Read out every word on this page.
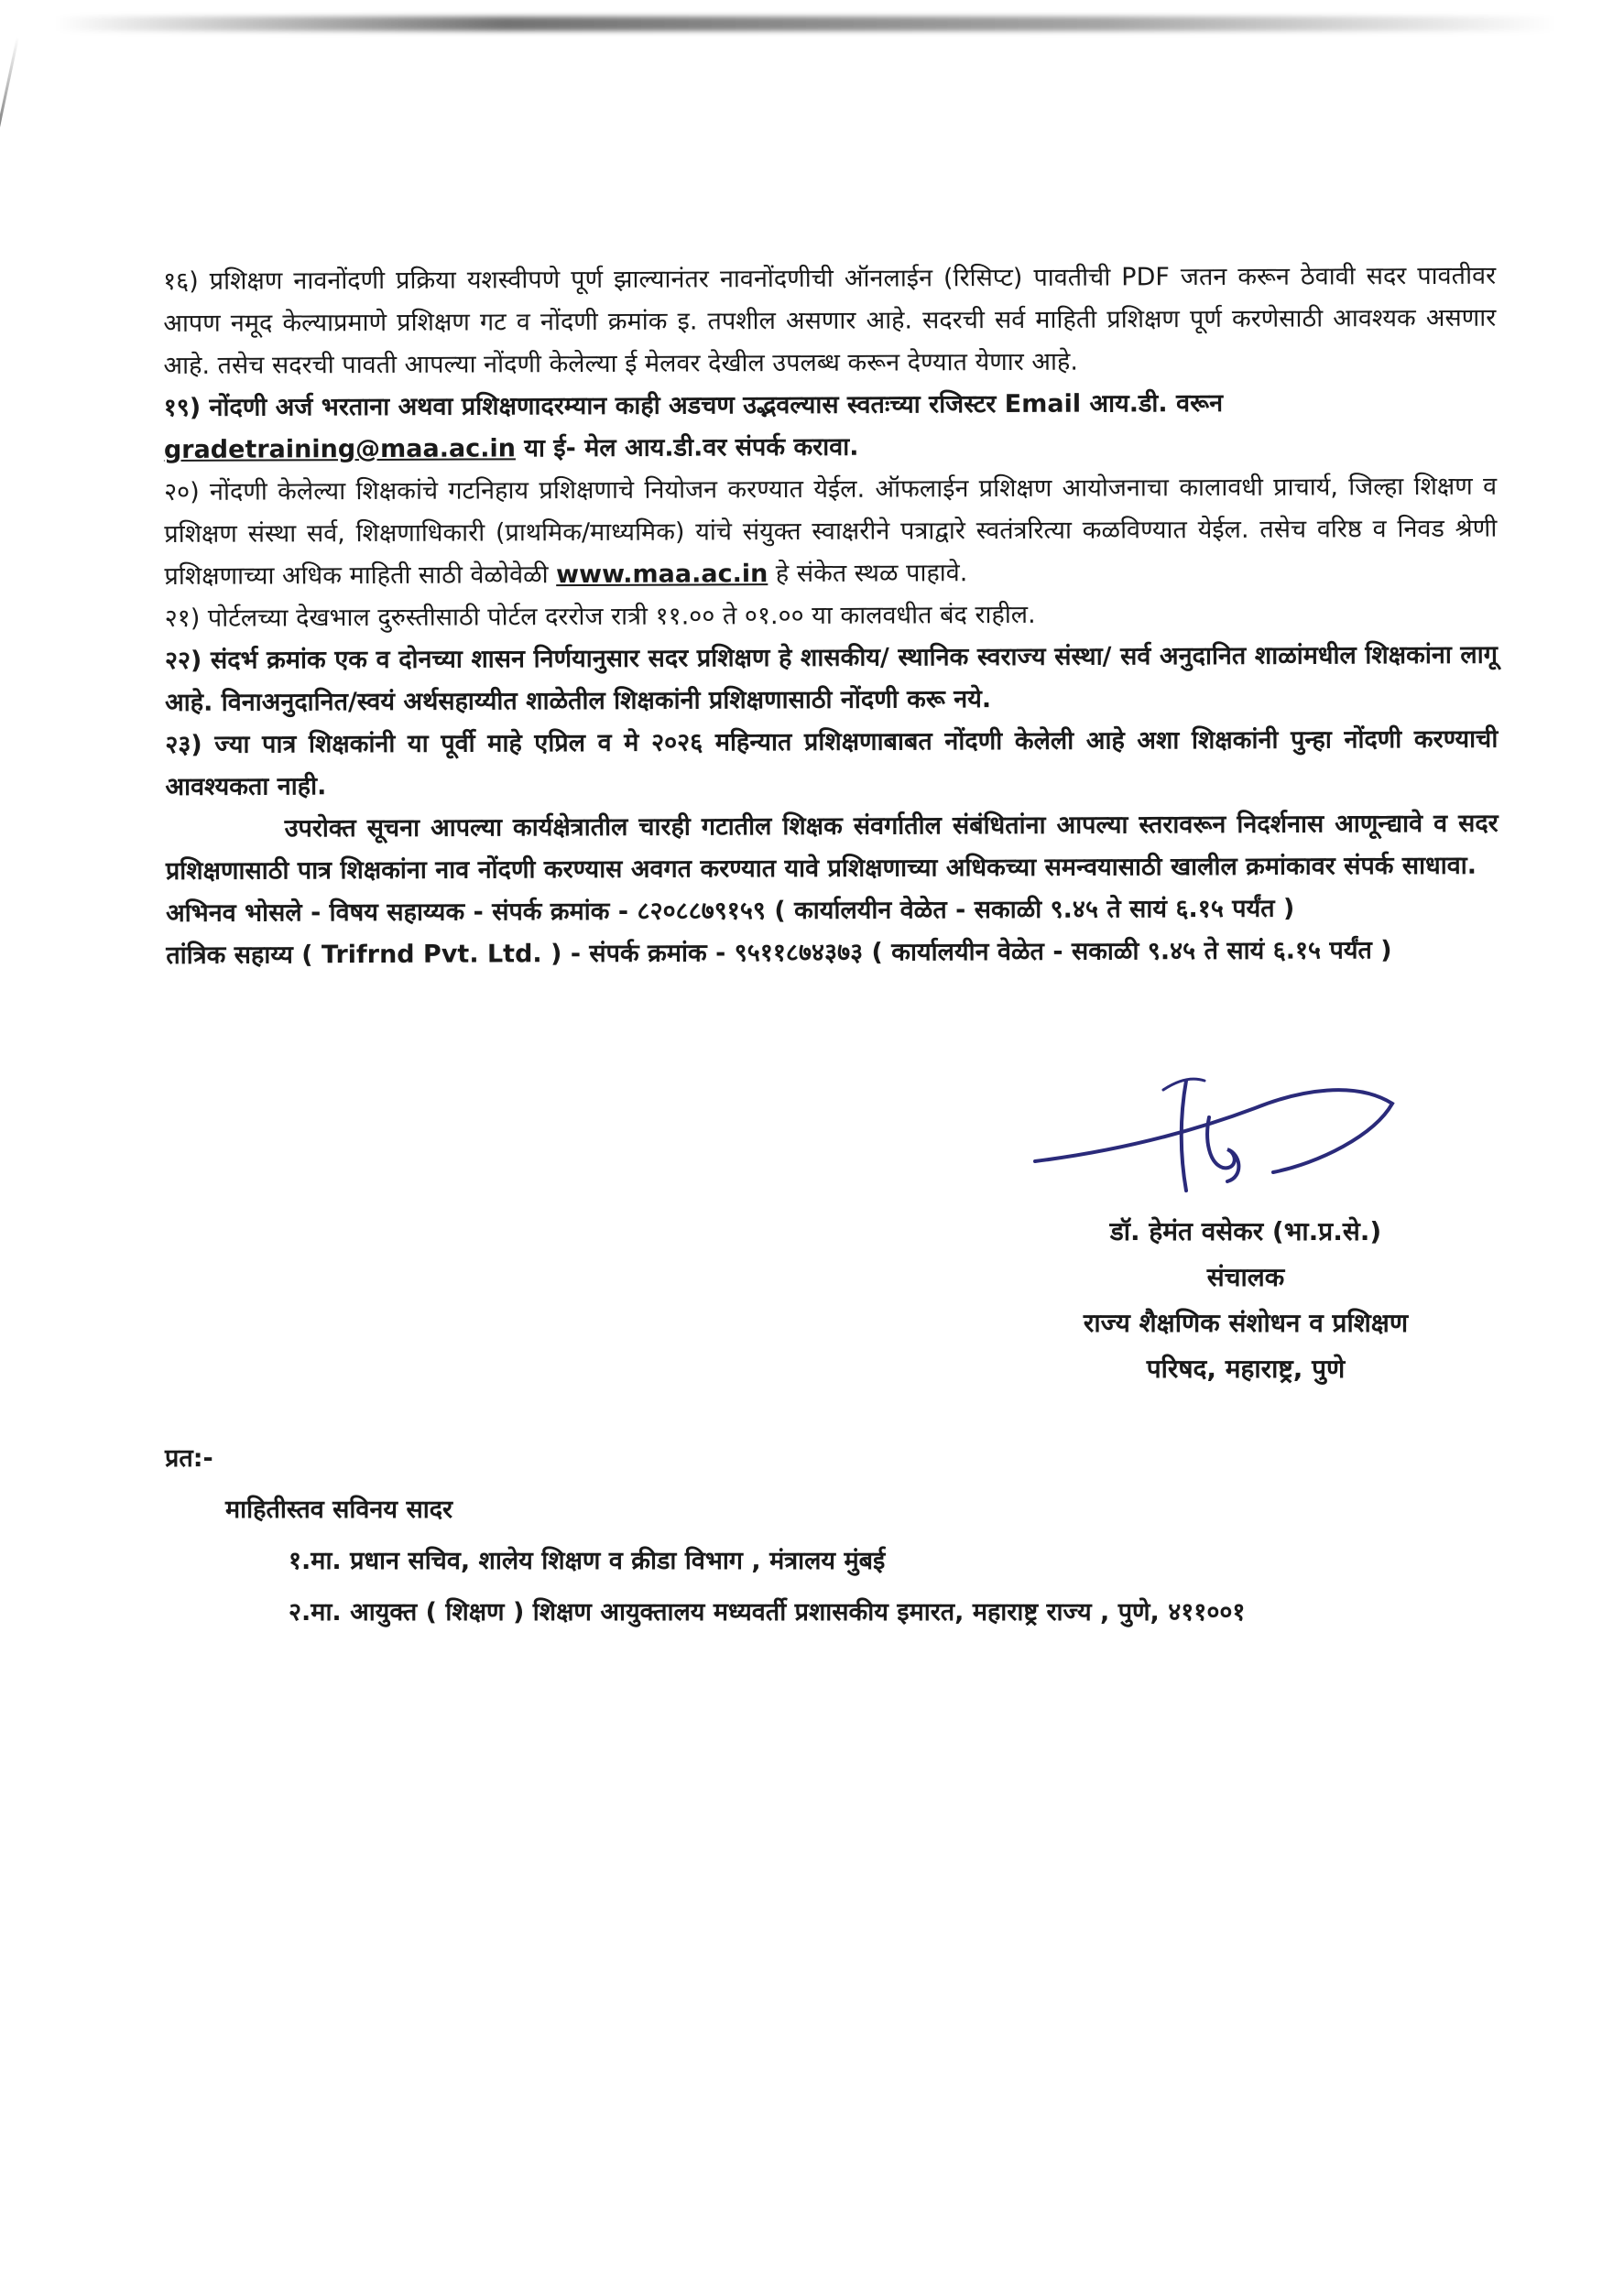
१६) प्रशिक्षण नावनोंदणी प्रक्रिया यशस्वीपणे पूर्ण झाल्यानंतर नावनोंदणीची ऑनलाईन (रिसिप्ट) पावतीची PDF जतन करून ठेवावी सदर पावतीवर आपण नमूद केल्याप्रमाणे प्रशिक्षण गट व नोंदणी क्रमांक इ. तपशील असणार आहे. सदरची सर्व माहिती प्रशिक्षण पूर्ण करणेसाठी आवश्यक असणार आहे. तसेच सदरची पावती आपल्या नोंदणी केलेल्या ई मेलवर देखील उपलब्ध करून देण्यात येणार आहे.

१९) नोंदणी अर्ज भरताना अथवा प्रशिक्षणादरम्यान काही अडचण उद्भवल्यास स्वतःच्या रजिस्टर Email आय.डी. वरून
gradetraining@maa.ac.in या ई- मेल आय.डी.वर संपर्क करावा.

२०) नोंदणी केलेल्या शिक्षकांचे गटनिहाय प्रशिक्षणाचे नियोजन करण्यात येईल. ऑफलाईन प्रशिक्षण आयोजनाचा कालावधी प्राचार्य, जिल्हा शिक्षण व प्रशिक्षण संस्था सर्व, शिक्षणाधिकारी (प्राथमिक/माध्यमिक) यांचे संयुक्त स्वाक्षरीने पत्राद्वारे स्वतंत्ररित्या कळविण्यात येईल. तसेच वरिष्ठ व निवड श्रेणी प्रशिक्षणाच्या अधिक माहिती साठी वेळोवेळी www.maa.ac.in हे संकेत स्थळ पाहावे.

२१) पोर्टलच्या देखभाल दुरुस्तीसाठी पोर्टल दररोज रात्री ११.०० ते ०१.०० या कालवधीत बंद राहील.

२२) संदर्भ क्रमांक एक व दोनच्या शासन निर्णयानुसार सदर प्रशिक्षण हे शासकीय/ स्थानिक स्वराज्य संस्था/ सर्व अनुदानित शाळांमधील शिक्षकांना लागू आहे. विनाअनुदानित/स्वयं अर्थसहाय्यीत शाळेतील शिक्षकांनी प्रशिक्षणासाठी नोंदणी करू नये.

२३) ज्या पात्र शिक्षकांनी या पूर्वी माहे एप्रिल व मे २०२६ महिन्यात प्रशिक्षणाबाबत नोंदणी केलेली आहे अशा शिक्षकांनी पुन्हा नोंदणी करण्याची आवश्यकता नाही.

उपरोक्त सूचना आपल्या कार्यक्षेत्रातील चारही गटातील शिक्षक संवर्गातील संबंधितांना आपल्या स्तरावरून निदर्शनास आणून्द्यावे व सदर प्रशिक्षणासाठी पात्र शिक्षकांना नाव नोंदणी करण्यास अवगत करण्यात यावे प्रशिक्षणाच्या अधिकच्या समन्वयासाठी खालील क्रमांकावर संपर्क साधावा.

अभिनव भोसले - विषय सहाय्यक - संपर्क क्रमांक - ८२०८८७९१५९ ( कार्यालयीन वेळेत - सकाळी ९.४५ ते सायं ६.१५ पर्यंत )

तांत्रिक सहाय्य ( Trifrnd Pvt. Ltd. ) - संपर्क क्रमांक - ९५११८७४३७३ ( कार्यालयीन वेळेत - सकाळी ९.४५ ते सायं ६.१५ पर्यंत )

डॉ. हेमंत वसेकर (भा.प्र.से.)
संचालक
राज्य शैक्षणिक संशोधन व प्रशिक्षण
परिषद, महाराष्ट्र, पुणे

प्रत:-

माहितीस्तव सविनय सादर

१.मा. प्रधान सचिव, शालेय शिक्षण व क्रीडा विभाग , मंत्रालय मुंबई

२.मा. आयुक्त ( शिक्षण ) शिक्षण आयुक्तालय मध्यवर्ती प्रशासकीय इमारत, महाराष्ट्र राज्य , पुणे, ४११००१
